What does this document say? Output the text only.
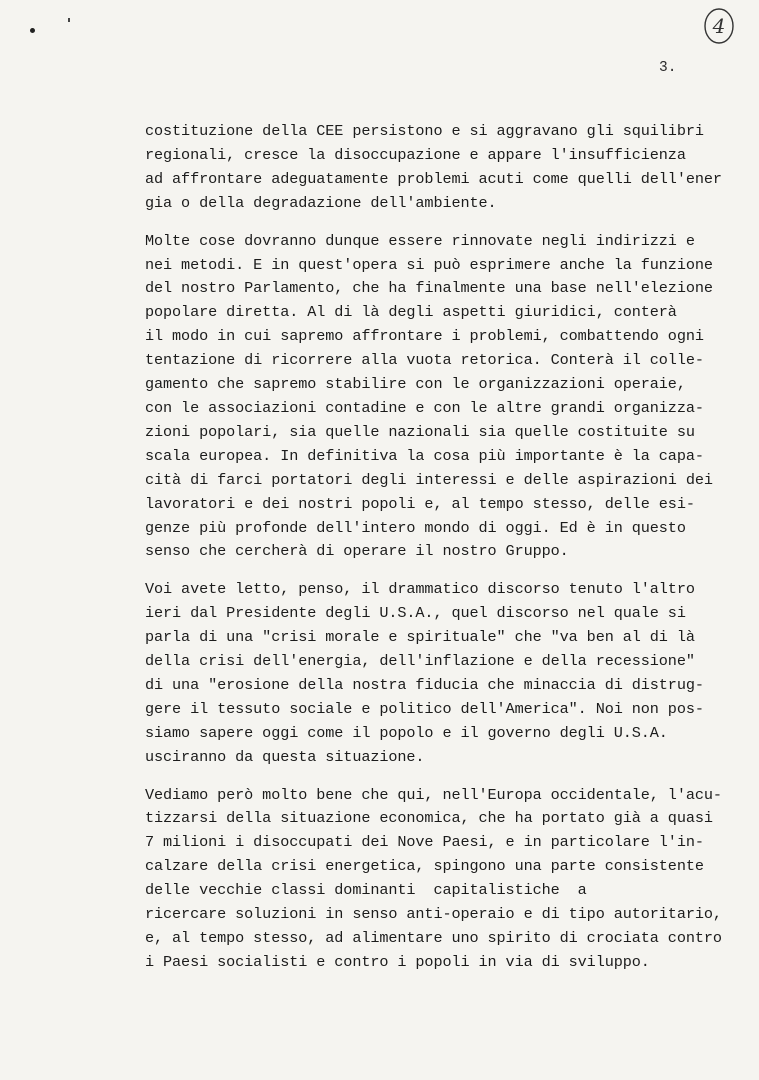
4
3.

costituzione della CEE persistono e si aggravano gli squilibri
regionali, cresce la disoccupazione e appare l'insufficienza
ad affrontare adeguatamente problemi acuti come quelli dell'ener
gia o della degradazione dell'ambiente.

Molte cose dovranno dunque essere rinnovate negli indirizzi e
nei metodi. E in quest'opera si può esprimere anche la funzione
del nostro Parlamento, che ha finalmente una base nell'elezione
popolare diretta. Al di là degli aspetti giuridici, conterà
il modo in cui sapremo affrontare i problemi, combattendo ogni
tentazione di ricorrere alla vuota retorica. Conterà il colle-
gamento che sapremo stabilire con le organizzazioni operaie,
con le associazioni contadine e con le altre grandi organizza-
zioni popolari, sia quelle nazionali sia quelle costituite su
scala europea. In definitiva la cosa più importante è la capa-
cità di farci portatori degli interessi e delle aspirazioni dei
lavoratori e dei nostri popoli e, al tempo stesso, delle esi-
genze più profonde dell'intero mondo di oggi. Ed è in questo
senso che cercherà di operare il nostro Gruppo.

Voi avete letto, penso, il drammatico discorso tenuto l'altro
ieri dal Presidente degli U.S.A., quel discorso nel quale si
parla di una "crisi morale e spirituale" che "va ben al di là
della crisi dell'energia, dell'inflazione e della recessione"
di una "erosione della nostra fiducia che minaccia di distrug-
gere il tessuto sociale e politico dell'America". Noi non pos-
siamo sapere oggi come il popolo e il governo degli U.S.A.
usciranno da questa situazione.

Vediamo però molto bene che qui, nell'Europa occidentale, l'acu-
tizzarsi della situazione economica, che ha portato già a quasi
7 milioni i disoccupati dei Nove Paesi, e in particolare l'in-
calzare della crisi energetica, spingono una parte consistente
delle vecchie classi dominanti  capitalistiche  a
ricercare soluzioni in senso anti-operaio e di tipo autoritario,
e, al tempo stesso, ad alimentare uno spirito di crociata contro
i Paesi socialisti e contro i popoli in via di sviluppo.
